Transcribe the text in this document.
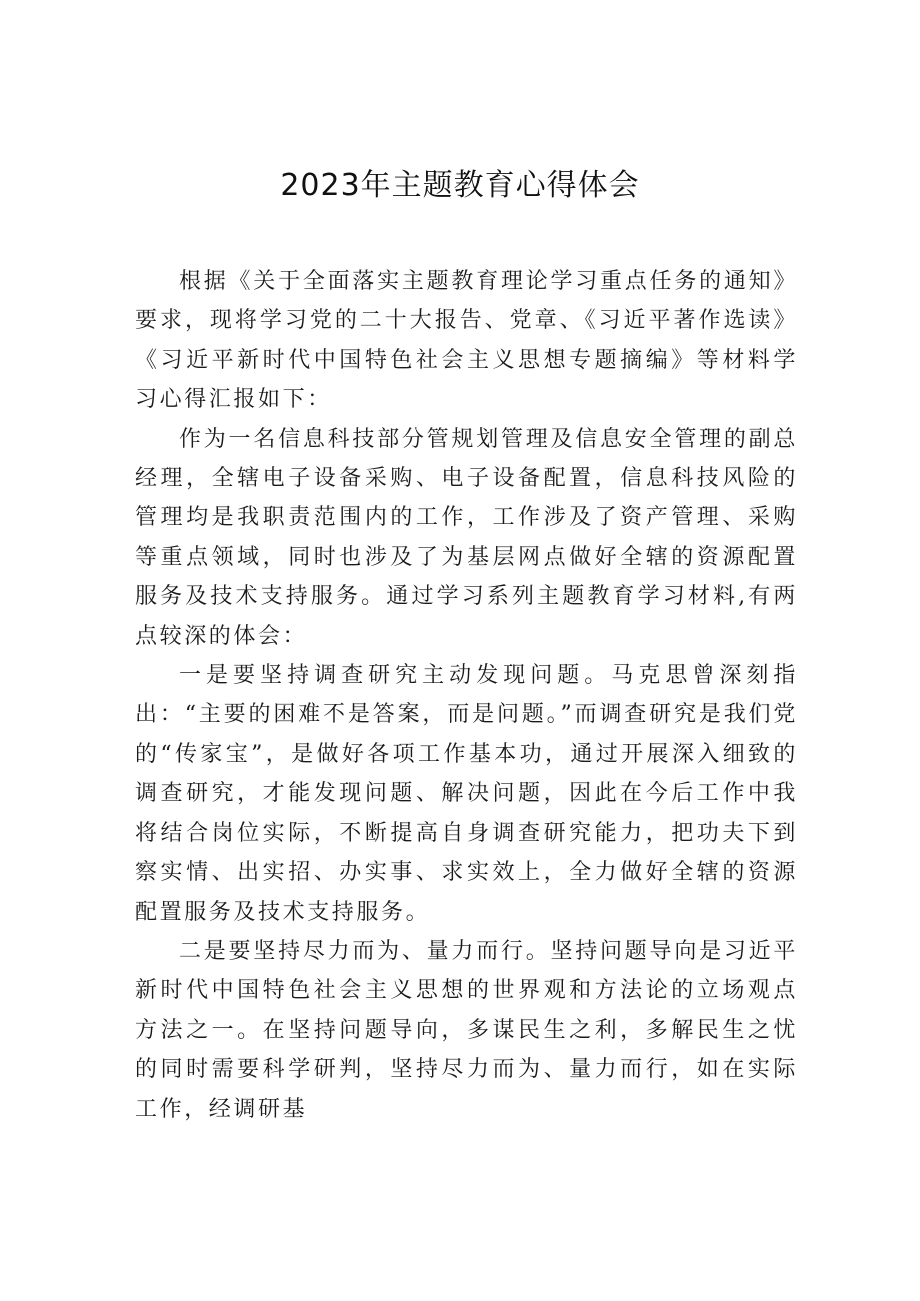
2023年主题教育心得体会

根据《关于全面落实主题教育理论学习重点任务的通知》要求，现将学习党的二十大报告、党章、《习近平著作选读》《习近平新时代中国特色社会主义思想专题摘编》等材料学习心得汇报如下：

作为一名信息科技部分管规划管理及信息安全管理的副总经理，全辖电子设备采购、电子设备配置，信息科技风险的管理均是我职责范围内的工作，工作涉及了资产管理、采购等重点领域，同时也涉及了为基层网点做好全辖的资源配置服务及技术支持服务。通过学习系列主题教育学习材料,有两点较深的体会：

一是要坚持调查研究主动发现问题。马克思曾深刻指出：“主要的困难不是答案，而是问题。”而调查研究是我们党的“传家宝”，是做好各项工作基本功，通过开展深入细致的调查研究，才能发现问题、解决问题，因此在今后工作中我将结合岗位实际，不断提高自身调查研究能力，把功夫下到察实情、出实招、办实事、求实效上，全力做好全辖的资源配置服务及技术支持服务。

二是要坚持尽力而为、量力而行。坚持问题导向是习近平新时代中国特色社会主义思想的世界观和方法论的立场观点方法之一。在坚持问题导向，多谋民生之利，多解民生之忧的同时需要科学研判，坚持尽力而为、量力而行，如在实际工作，经调研基
